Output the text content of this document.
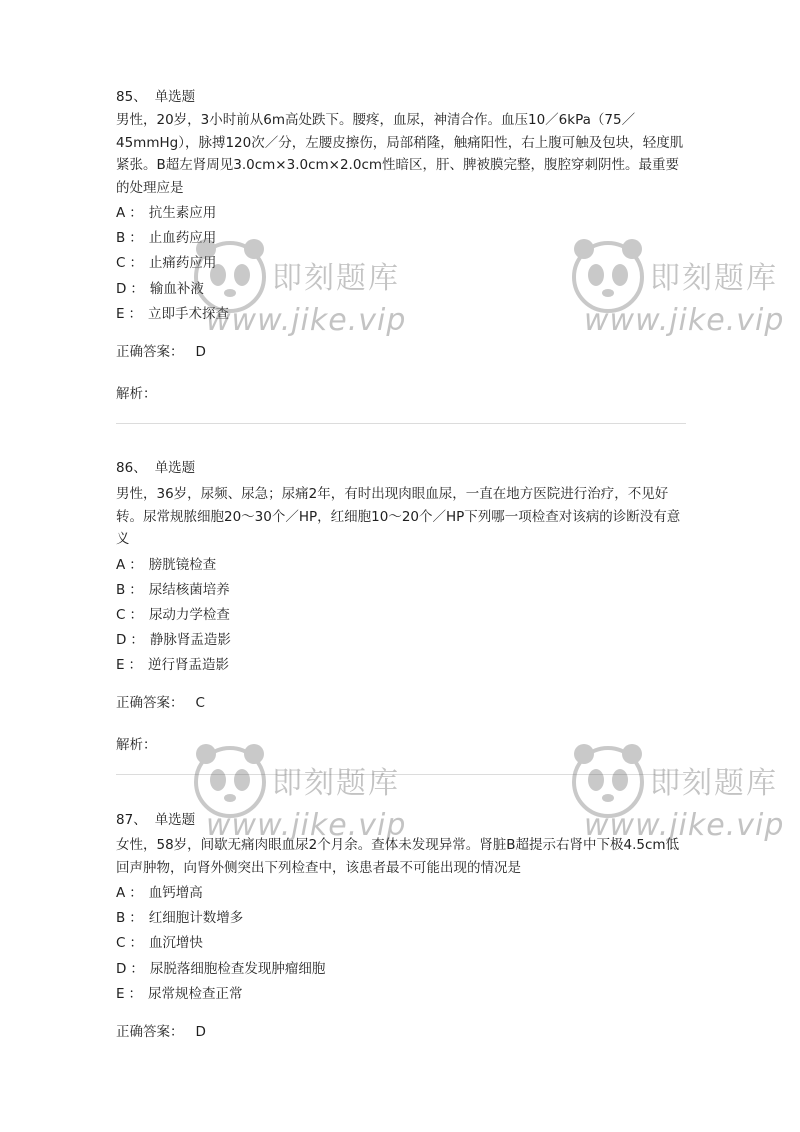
85、 单选题

男性，20岁，3小时前从6m高处跌下。腰疼，血尿，神清合作。血压10／6kPa（75／45mmHg），脉搏120次／分，左腰皮擦伤，局部稍隆，触痛阳性，右上腹可触及包块，轻度肌紧张。B超左肾周见3.0cm×3.0cm×2.0cm性暗区，肝、脾被膜完整，腹腔穿刺阴性。最重要的处理应是

A ： 抗生素应用
B ： 止血药应用
C ： 止痛药应用
D ： 输血补液
E ： 立即手术探查
正确答案： D
解析：
86、 单选题

男性，36岁，尿频、尿急；尿痛2年，有时出现肉眼血尿，一直在地方医院进行治疗，不见好转。尿常规脓细胞20～30个／HP，红细胞10～20个／HP下列哪一项检查对该病的诊断没有意义

A ： 膀胱镜检查
B ： 尿结核菌培养
C ： 尿动力学检查
D ： 静脉肾盂造影
E ： 逆行肾盂造影
正确答案： C
解析：
87、 单选题

女性，58岁，间歇无痛肉眼血尿2个月余。查体未发现异常。肾脏B超提示右肾中下极4.5cm低回声肿物，向肾外侧突出下列检查中，该患者最不可能出现的情况是

A ： 血钙增高
B ： 红细胞计数增多
C ： 血沉增快
D ： 尿脱落细胞检查发现肿瘤细胞
E ： 尿常规检查正常
正确答案： D
即刻题库
www.jike.vip
即刻题库
www.jike.vip
即刻题库
www.jike.vip
即刻题库
www.jike.vip
